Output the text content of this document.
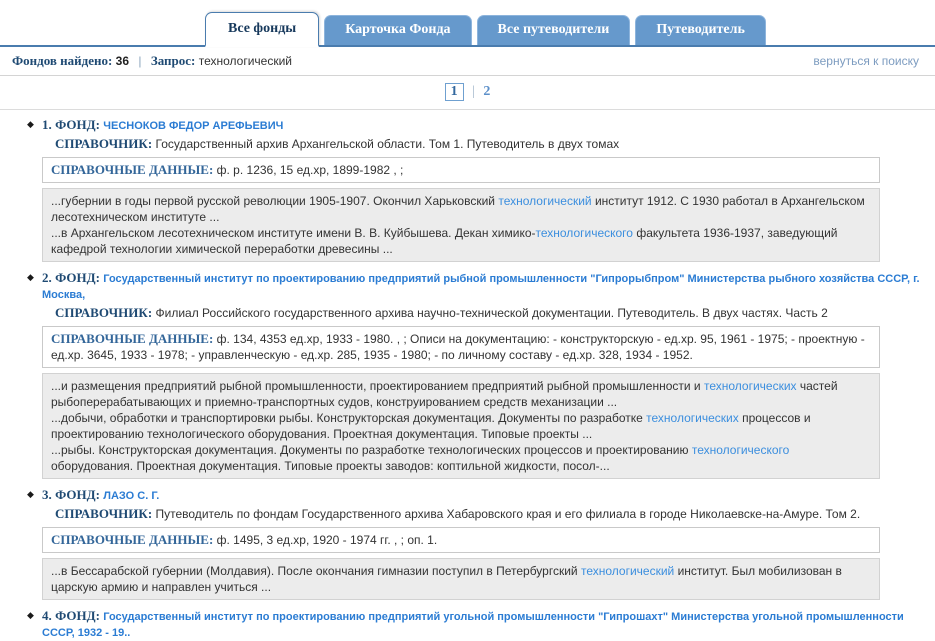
Все фонды	Карточка Фонда	Все путеводители	Путеводитель
Фондов найдено: 36 | Запрос: технологический	вернуться к поиску
1 | 2
◆ 1. ФОНД: ЧЕСНОКОВ ФЕДОР АРЕФЬЕВИЧ
СПРАВОЧНИК: Государственный архив Архангельской области. Том 1. Путеводитель в двух томах
СПРАВОЧНЫЕ ДАННЫЕ: ф. р. 1236, 15 ед.хр, 1899-1982 , ;
...губернии в годы первой русской революции 1905-1907. Окончил Харьковский технологический институт 1912. С 1930 работал в Архангельском лесотехническом институте ...
...в Архангельском лесотехническом институте имени В. В. Куйбышева. Декан химико-технологического факультета 1936-1937, заведующий кафедрой технологии химической переработки древесины ...
◆ 2. ФОНД: Государственный институт по проектированию предприятий рыбной промышленности "Гипрорыбпром" Министерства рыбного хозяйства СССР, г. Москва,
СПРАВОЧНИК: Филиал Российского государственного архива научно-технической документации. Путеводитель. В двух частях. Часть 2
СПРАВОЧНЫЕ ДАННЫЕ: ф. 134, 4353 ед.хр, 1933 - 1980. , ; Описи на документацию: - конструкторскую - ед.хр. 95, 1961 - 1975; - проектную - ед.хр. 3645, 1933 - 1978; - управленческую - ед.хр. 285, 1935 - 1980; - по личному составу - ед.хр. 328, 1934 - 1952.
...и размещения предприятий рыбной промышленности, проектированием предприятий рыбной промышленности и технологических частей рыбоперерабатывающих и приемно-транспортных судов, конструированием средств механизации ...
...добычи, обработки и транспортировки рыбы. Конструкторская документация. Документы по разработке технологических процессов и проектированию технологического оборудования. Проектная документация. Типовые проекты ...
...рыбы. Конструкторская документация. Документы по разработке технологических процессов и проектированию технологического оборудования. Проектная документация. Типовые проекты заводов: коптильной жидкости, посол-...
◆ 3. ФОНД: ЛАЗО С. Г.
СПРАВОЧНИК: Путеводитель по фондам Государственного архива Хабаровского края и его филиала в городе Николаевске-на-Амуре. Том 2.
СПРАВОЧНЫЕ ДАННЫЕ: ф. 1495, 3 ед.хр, 1920 - 1974 гг. , ; оп. 1.
...в Бессарабской губернии (Молдавия). После окончания гимназии поступил в Петербургский технологический институт. Был мобилизован в царскую армию и направлен учиться ...
◆ 4. ФОНД: Государственный институт по проектированию предприятий угольной промышленности "Гипрошахт" Министерства угольной промышленности СССР, 1932 - 19..
